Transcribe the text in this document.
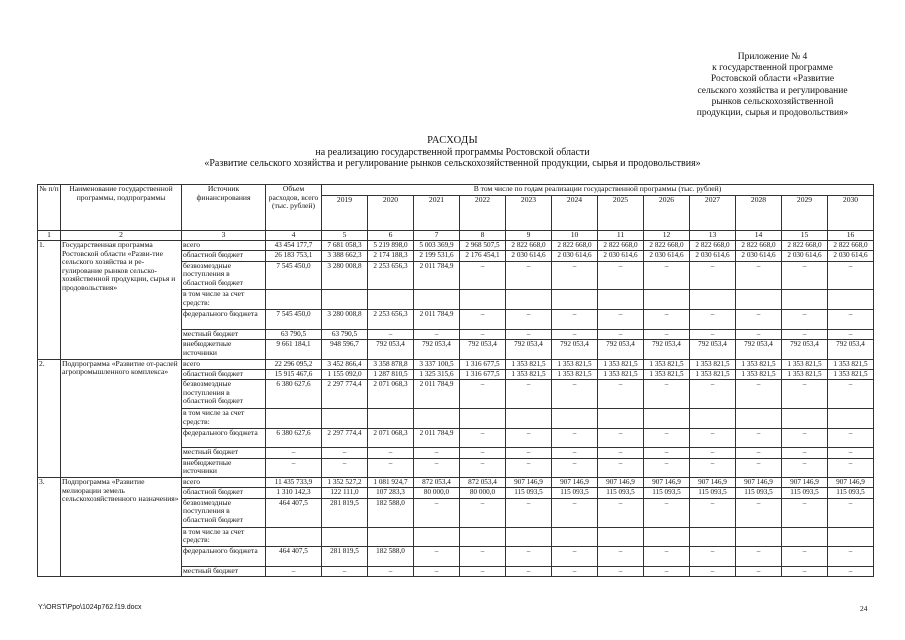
Приложение № 4
к государственной программе
Ростовской области «Развитие
сельского хозяйства и регулирование
рынков сельскохозяйственной
продукции, сырья и продовольствия»
РАСХОДЫ
на реализацию государственной программы Ростовской области
«Развитие сельского хозяйства и регулирование рынков сельскохозяйственной продукции, сырья и продовольствия»
№ п/п	Наименование государственной программы, подпрограммы	Источник финансирования	Объем расходов, всего (тыс. рублей)	В том числе по годам реализации государственной программы (тыс. рублей)											
				2019	2020	2021	2022	2023	2024	2025	2026	2027	2028	2029	2030
1	2	3	4	5	6	7	8	9	10	11	12	13	14	15	16
1.	Государственная программа Ростовской области «Разви-тие сельского хозяйства и ре-гулирование рынков сельско-хозяйственной продукции, сырья и продовольствия»	всего	43 454 177,7	7 681 058,3	5 219 898,0	5 003 369,9	2 968 507,5	2 822 668,0	2 822 668,0	2 822 668,0	2 822 668,0	2 822 668,0	2 822 668,0	2 822 668,0	2 822 668,0
		областной бюджет	26 183 753,1	3 388 662,3	2 174 188,3	2 199 531,6	2 176 454,1	2 030 614,6	2 030 614,6	2 030 614,6	2 030 614,6	2 030 614,6	2 030 614,6	2 030 614,6	2 030 614,6
		безвозмездные поступления в областной бюджет	7 545 450,0	3 280 008,8	2 253 656,3	2 011 784,9	–	–	–	–	–	–	–	–	–
		в том числе за счет средств:													
		федерального бюджета	7 545 450,0	3 280 008,8	2 253 656,3	2 011 784,9	–	–	–	–	–	–	–	–	–
		местный бюджет	63 790,5	63 790,5	–	–	–	–	–	–	–	–	–	–	–
		внебюджетные источники	9 661 184,1	948 596,7	792 053,4	792 053,4	792 053,4	792 053,4	792 053,4	792 053,4	792 053,4	792 053,4	792 053,4	792 053,4	792 053,4
2.	Подпрограмма «Развитие от-раслей агропромышленного комплекса»	всего	22 296 095,2	3 452 866,4	3 358 878,8	3 337 100,5	1 316 677,5	1 353 821,5	1 353 821,5	1 353 821,5	1 353 821,5	1 353 821,5	1 353 821,5	1 353 821,5	1 353 821,5
		областной бюджет	15 915 467,6	1 155 092,0	1 287 810,5	1 325 315,6	1 316 677,5	1 353 821,5	1 353 821,5	1 353 821,5	1 353 821,5	1 353 821,5	1 353 821,5	1 353 821,5	1 353 821,5
		безвозмездные поступления в областной бюджет	6 380 627,6	2 297 774,4	2 071 068,3	2 011 784,9	–	–	–	–	–	–	–	–	–
		в том числе за счет средств:													
		федерального бюджета	6 380 627,6	2 297 774,4	2 071 068,3	2 011 784,9	–	–	–	–	–	–	–	–	–
		местный бюджет	–	–	–	–	–	–	–	–	–	–	–	–	–
		внебюджетные источники	–	–	–	–	–	–	–	–	–	–	–	–	–
3.	Подпрограмма «Развитие мелиорации земель сельскохозяйственного назначения»	всего	11 435 733,9	1 352 527,2	1 081 924,7	872 053,4	872 053,4	907 146,9	907 146,9	907 146,9	907 146,9	907 146,9	907 146,9	907 146,9	907 146,9
		областной бюджет	1 310 142,3	122 111,0	107 283,3	80 000,0	80 000,0	115 093,5	115 093,5	115 093,5	115 093,5	115 093,5	115 093,5	115 093,5	115 093,5
		безвозмездные поступления в областной бюджет	464 407,5	281 819,5	182 588,0	–	–	–	–	–	–	–	–	–	–
		в том числе за счет средств:													
		федерального бюджета	464 407,5	281 819,5	182 588,0	–	–	–	–	–	–	–	–	–	–
		местный бюджет	–	–	–	–	–	–	–	–	–	–	–	–	–
Y:\ORST\Ppo\1024p762.f19.docx	24
